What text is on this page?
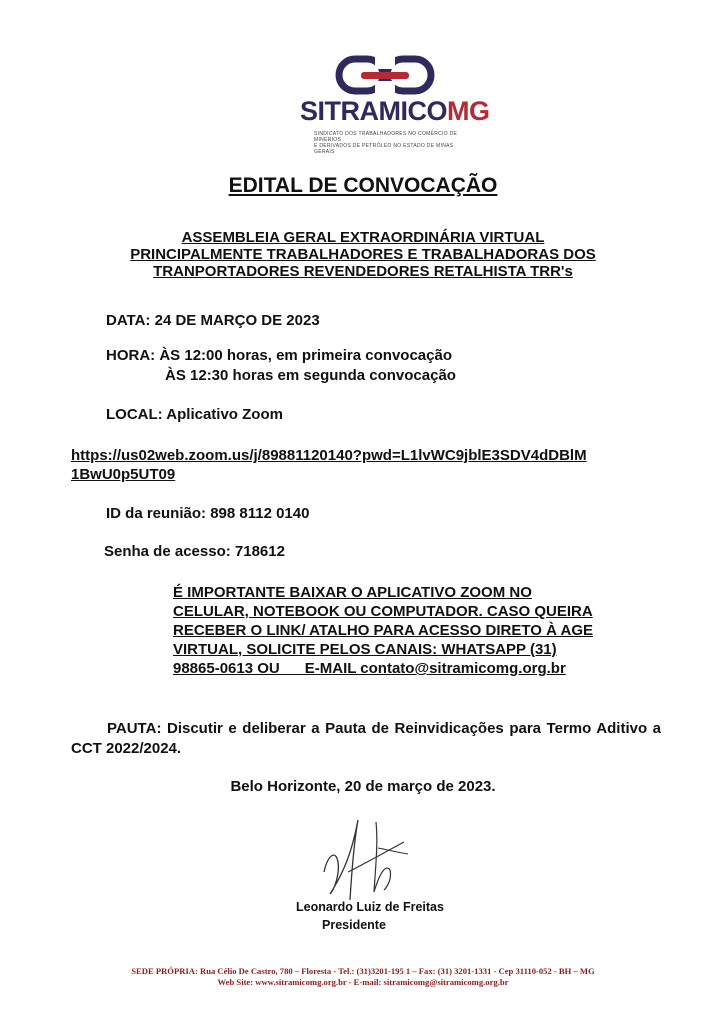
SITRAMICOMG
SINDICATO DOS TRABALHADORES NO COMÉRCIO DE MINÉRIOS
E DERIVADOS DE PETRÓLEO NO ESTADO DE MINAS GERAIS
EDITAL DE CONVOCAÇÃO
ASSEMBLEIA GERAL EXTRAORDINÁRIA VIRTUAL
PRINCIPALMENTE TRABALHADORES E TRABALHADORAS DOS
TRANPORTADORES REVENDEDORES RETALHISTA TRR's
DATA: 24 DE MARÇO DE 2023
HORA: ÀS 12:00 horas, em primeira convocação
ÀS 12:30 horas em segunda convocação
LOCAL: Aplicativo Zoom
https://us02web.zoom.us/j/89881120140?pwd=L1lvWC9jblE3SDV4dDBlM
1BwU0p5UT09
ID da reunião: 898 8112 0140
Senha de acesso: 718612
É IMPORTANTE BAIXAR O APLICATIVO ZOOM NO
CELULAR, NOTEBOOK OU COMPUTADOR. CASO QUEIRA
RECEBER O LINK/ ATALHO PARA ACESSO DIRETO À AGE
VIRTUAL, SOLICITE PELOS CANAIS: WHATSAPP (31)
98865-0613 OU      E-MAIL contato@sitramicomg.org.br
PAUTA: Discutir e deliberar a Pauta de Reinvidicações para Termo Aditivo a CCT 2022/2024.
Belo Horizonte, 20 de março de 2023.
Leonardo Luiz de Freitas
Presidente
SEDE PRÓPRIA: Rua Célio De Castro, 780 – Floresta - Tel.: (31)3201-195 1 – Fax: (31) 3201-1331 - Cep 31110-052 - BH – MG
Web Site: www.sitramicomg.org.br - E-mail: sitramicomg@sitramicomg.org.br
